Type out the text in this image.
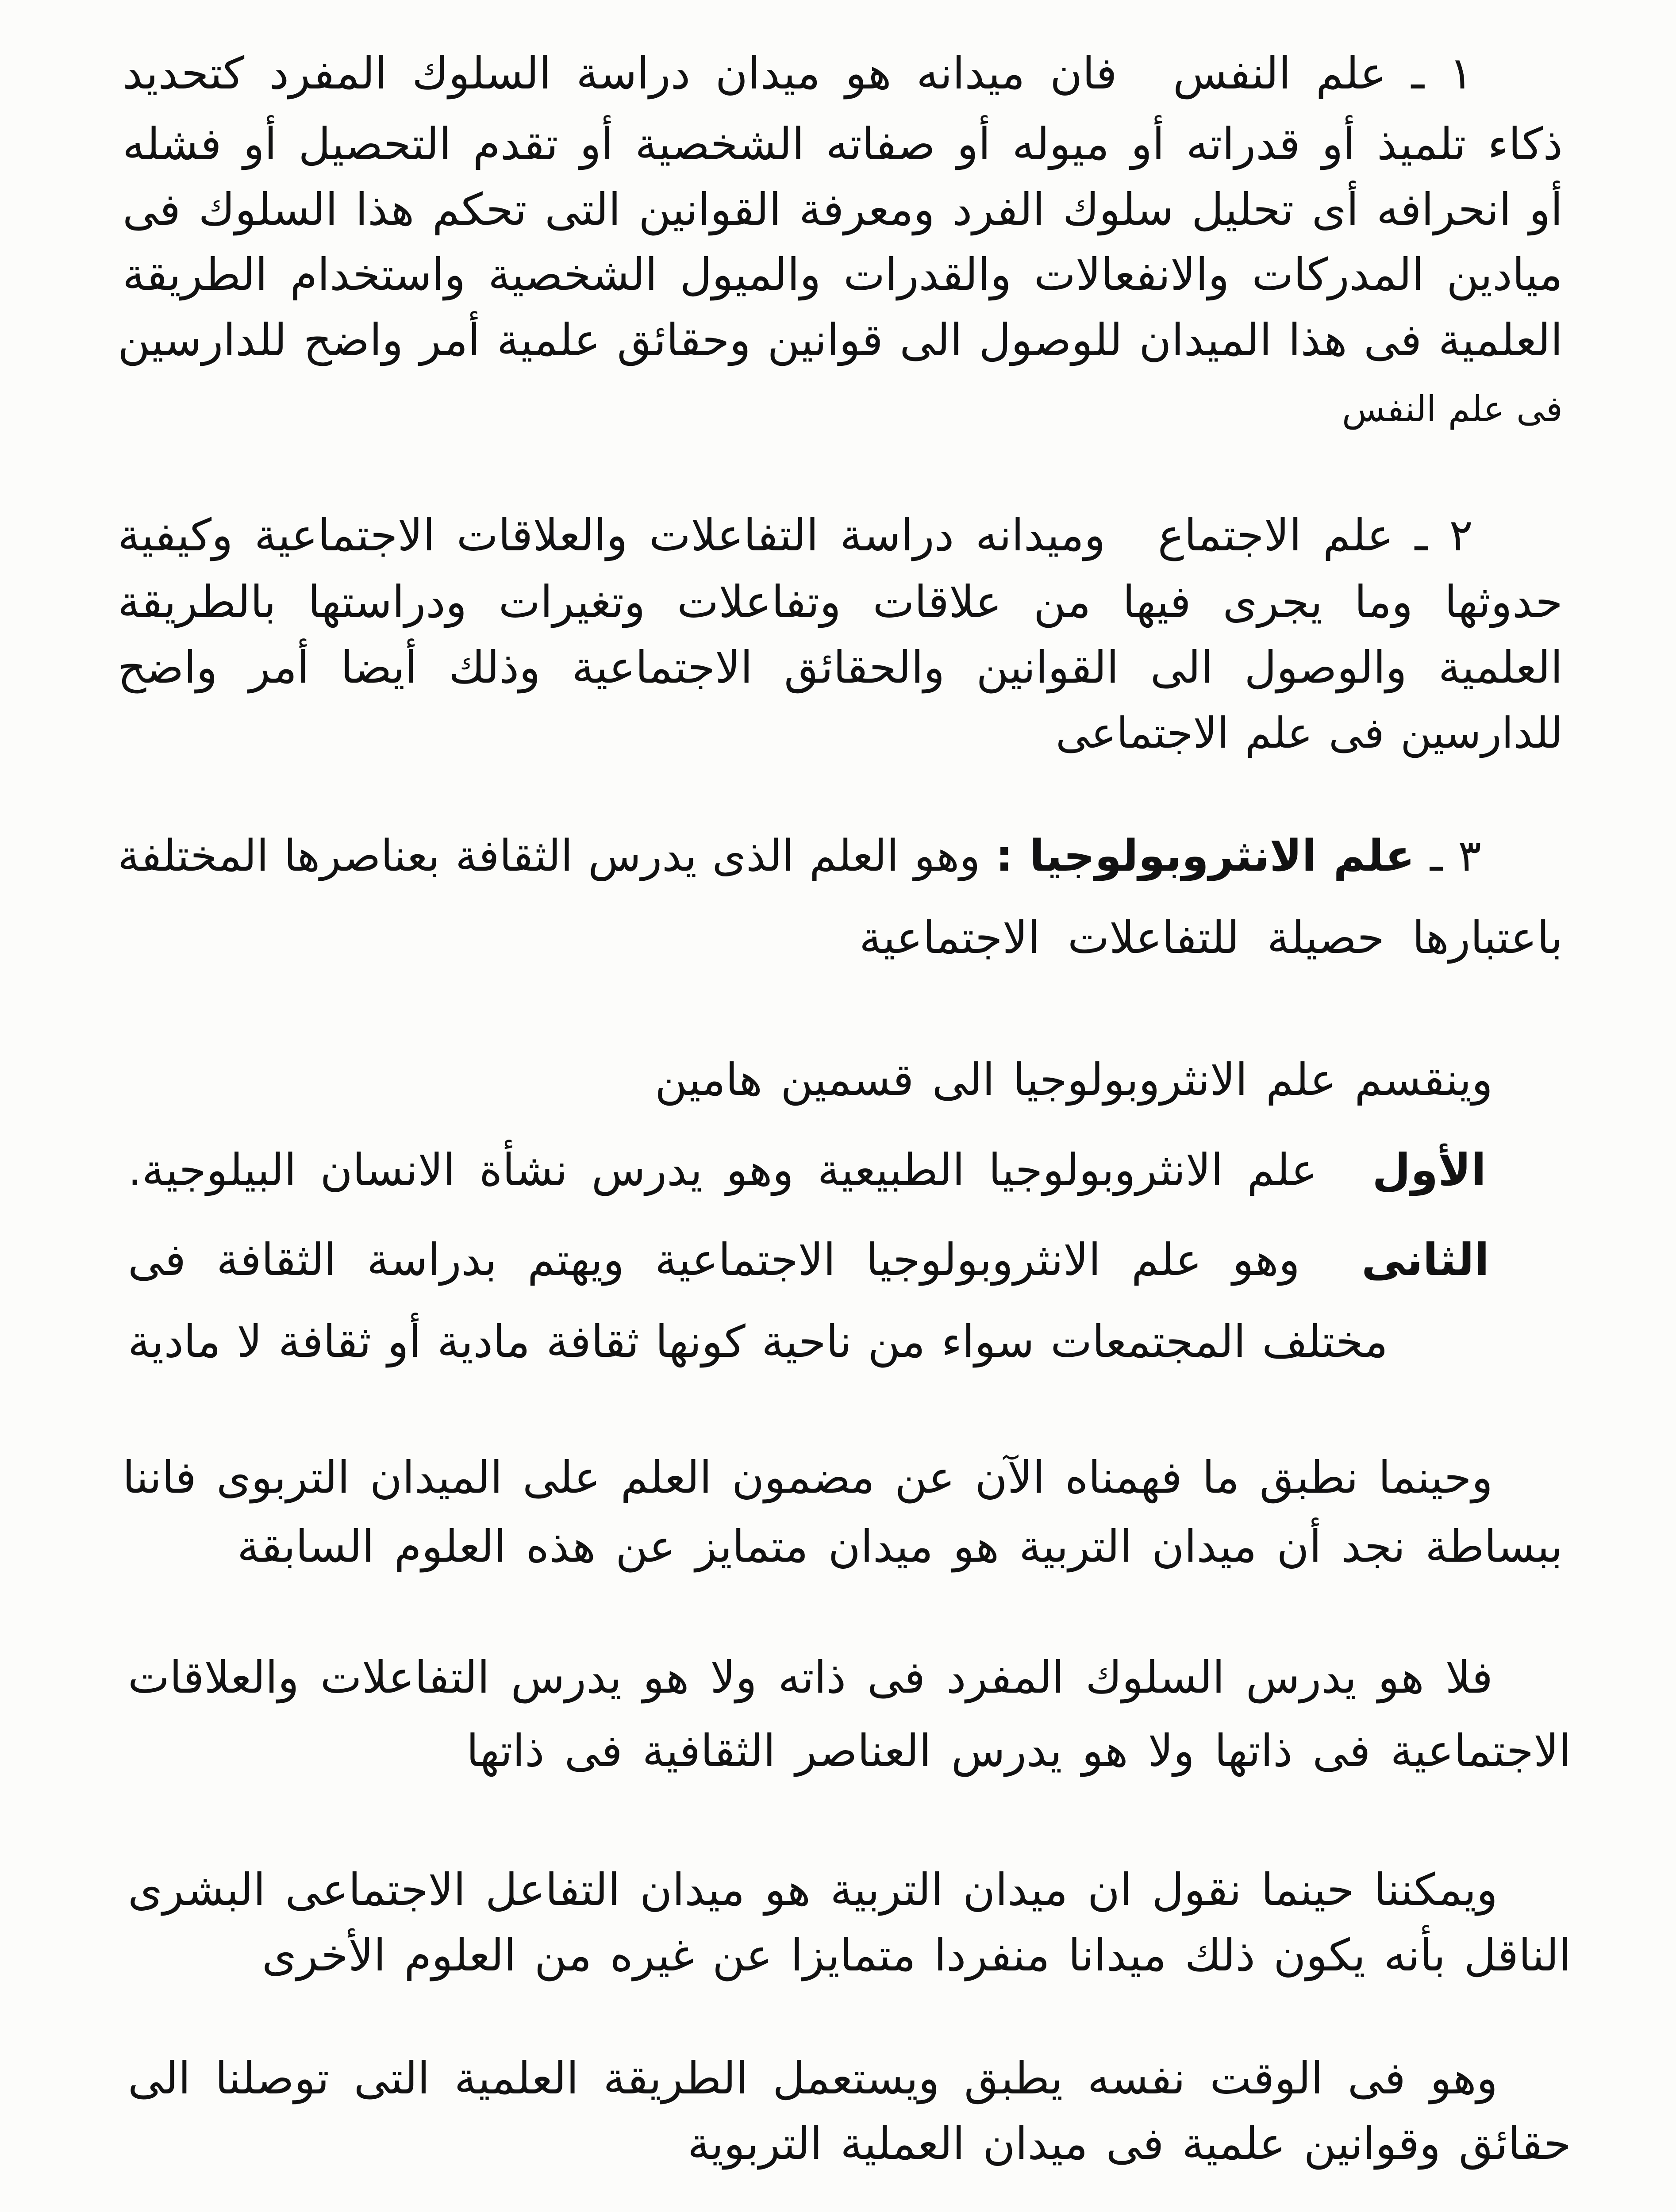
١ ـ علم النفس فان ميدانه هو ميدان دراسة السلوك المفرد كتحديد
ذكاء تلميذ أو قدراته أو ميوله أو صفاته الشخصية أو تقدم التحصيل أو فشله
أو انحرافه أى تحليل سلوك الفرد ومعرفة القوانين التى تحكم هذا السلوك فى
ميادين المدركات والانفعالات والقدرات والميول الشخصية واستخدام الطريقة
العلمية فى هذا الميدان للوصول الى قوانين وحقائق علمية أمر واضح للدارسين
فى علم النفس
٢ ـ علم الاجتماع وميدانه دراسة التفاعلات والعلاقات الاجتماعية وكيفية
حدوثها وما يجرى فيها من علاقات وتفاعلات وتغيرات ودراستها بالطريقة
العلمية والوصول الى القوانين والحقائق الاجتماعية وذلك أيضا أمر واضح
للدارسين فى علم الاجتماعى
٣ ـ علم الانثروبولوجيا : وهو العلم الذى يدرس الثقافة بعناصرها المختلفة
باعتبارها حصيلة للتفاعلات الاجتماعية
وينقسم علم الانثروبولوجيا الى قسمين هامين
الأول علم الانثروبولوجيا الطبيعية وهو يدرس نشأة الانسان البيلوجية.
الثانى وهو علم الانثروبولوجيا الاجتماعية ويهتم بدراسة الثقافة فى
مختلف المجتمعات سواء من ناحية كونها ثقافة مادية أو ثقافة لا مادية
وحينما نطبق ما فهمناه الآن عن مضمون العلم على الميدان التربوى فاننا
ببساطة نجد أن ميدان التربية هو ميدان متمايز عن هذه العلوم السابقة
فلا هو يدرس السلوك المفرد فى ذاته ولا هو يدرس التفاعلات والعلاقات
الاجتماعية فى ذاتها ولا هو يدرس العناصر الثقافية فى ذاتها
ويمكننا حينما نقول ان ميدان التربية هو ميدان التفاعل الاجتماعى البشرى
الناقل بأنه يكون ذلك ميدانا منفردا متمايزا عن غيره من العلوم الأخرى
وهو فى الوقت نفسه يطبق ويستعمل الطريقة العلمية التى توصلنا الى
حقائق وقوانين علمية فى ميدان العملية التربوية
